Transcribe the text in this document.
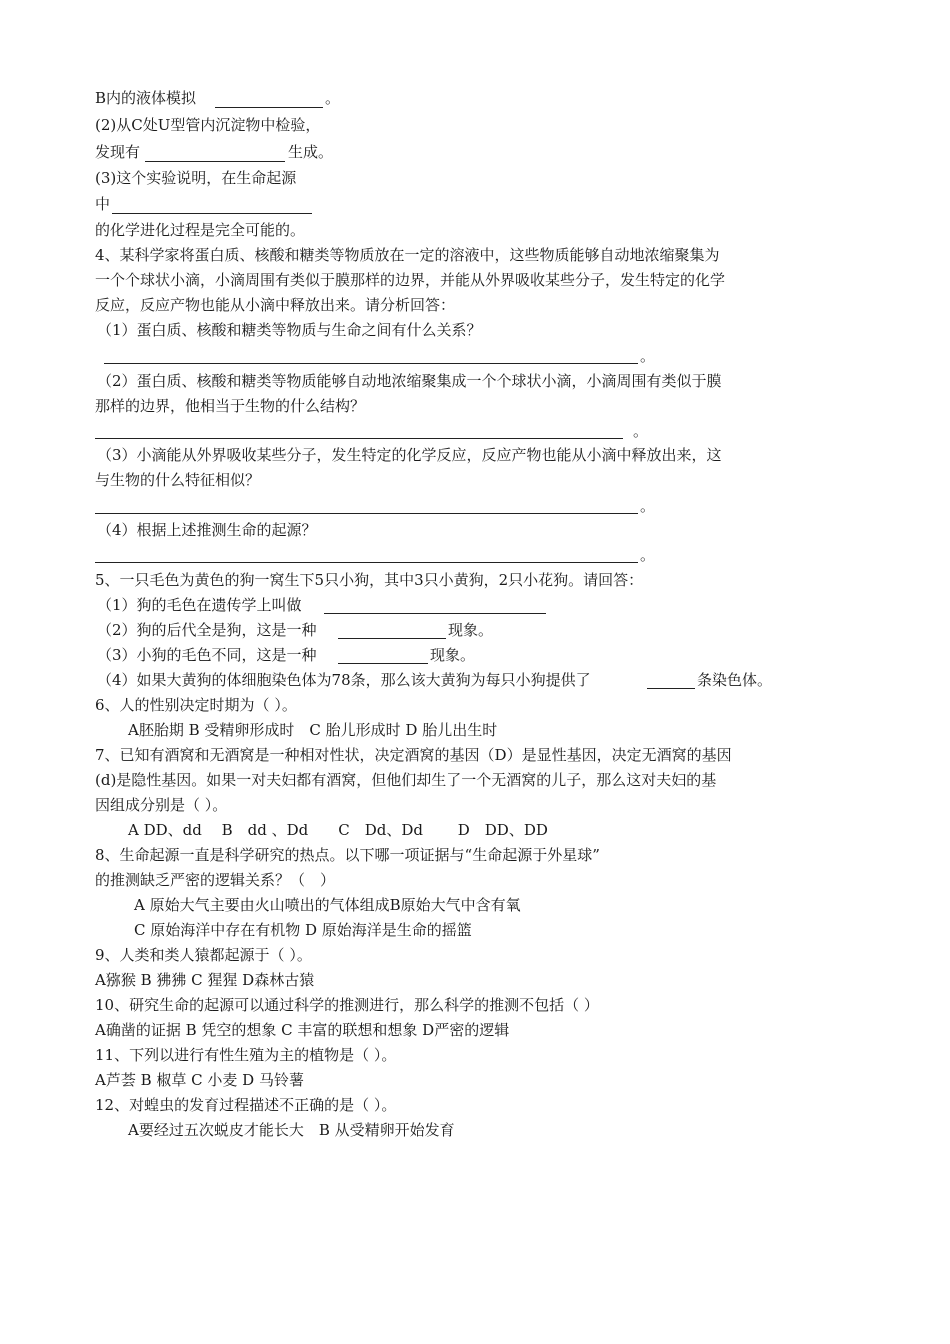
B内的液体模拟	。
(2)从C处U型管内沉淀物中检验，
发现有	生成。
(3)这个实验说明，在生命起源
中
的化学进化过程是完全可能的。
4、某科学家将蛋白质、核酸和糖类等物质放在一定的溶液中，这些物质能够自动地浓缩聚集为
一个个球状小滴，小滴周围有类似于膜那样的边界，并能从外界吸收某些分子，发生特定的化学
反应，反应产物也能从小滴中释放出来。请分析回答：
（1）蛋白质、核酸和糖类等物质与生命之间有什么关系？
。
（2）蛋白质、核酸和糖类等物质能够自动地浓缩聚集成一个个球状小滴，小滴周围有类似于膜
那样的边界，他相当于生物的什么结构？
。
（3）小滴能从外界吸收某些分子，发生特定的化学反应，反应产物也能从小滴中释放出来，这
与生物的什么特征相似？
。
（4）根据上述推测生命的起源？
。
5、一只毛色为黄色的狗一窝生下5只小狗，其中3只小黄狗，2只小花狗。请回答：
（1）狗的毛色在遗传学上叫做
（2）狗的后代全是狗，这是一种	现象。
（3）小狗的毛色不同，这是一种	现象。
（4）如果大黄狗的体细胞染色体为78条，那么该大黄狗为每只小狗提供了	条染色体。
6、人的性别决定时期为（ ）。
A胚胎期 B 受精卵形成时　C 胎儿形成时 D 胎儿出生时
7、已知有酒窝和无酒窝是一种相对性状，决定酒窝的基因（D）是显性基因，决定无酒窝的基因
(d)是隐性基因。如果一对夫妇都有酒窝，但他们却生了一个无酒窝的儿子，那么这对夫妇的基
因组成分别是（ ）。
A DD、dd　 B　dd 、Dd　　C　Dd、Dd　　 D　DD、DD
8、生命起源一直是科学研究的热点。以下哪一项证据与“生命起源于外星球”
的推测缺乏严密的逻辑关系？（　）
A 原始大气主要由火山喷出的气体组成B原始大气中含有氧
C 原始海洋中存在有机物 D 原始海洋是生命的摇篮
9、人类和类人猿都起源于（ ）。
A猕猴 B 狒狒 C 猩猩 D森林古猿
10、研究生命的起源可以通过科学的推测进行，那么科学的推测不包括（ ）
A确凿的证据 B 凭空的想象 C 丰富的联想和想象 D严密的逻辑
11、下列以进行有性生殖为主的植物是（ ）。
A芦荟 B 椒草 C 小麦 D 马铃薯
12、对蝗虫的发育过程描述不正确的是（ ）。
A要经过五次蜕皮才能长大　B 从受精卵开始发育
